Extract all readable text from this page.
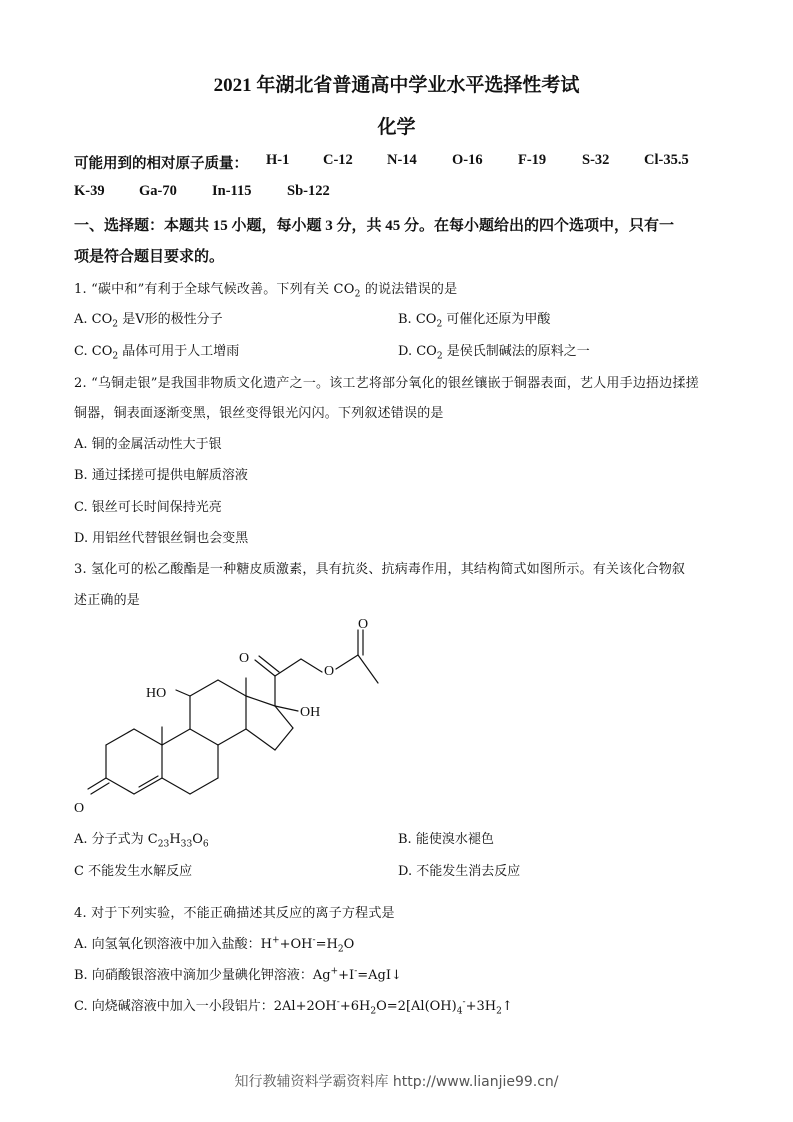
2021 年湖北省普通高中学业水平选择性考试
化学
可能用到的相对原子质量： H-1 C-12 N-14 O-16 F-19 S-32 Cl-35.5
K-39 Ga-70 In-115 Sb-122
一、选择题：本题共 15 小题，每小题 3 分，共 45 分。在每小题给出的四个选项中，只有一
项是符合题目要求的。
1. “碳中和”有利于全球气候改善。下列有关 $CO_2$ 的说法错误的是
A. $CO_2$ 是Ⅴ形的极性分子	B. $CO_2$ 可催化还原为甲酸
C. $CO_2$ 晶体可用于人工增雨	D. $CO_2$ 是侯氏制碱法的原料之一
2. “乌铜走银”是我国非物质文化遗产之一。该工艺将部分氧化的银丝镶嵌于铜器表面，艺人用手边捂边揉搓
铜器，铜表面逐渐变黑，银丝变得银光闪闪。下列叙述错误的是
A. 铜的金属活动性大于银
B. 通过揉搓可提供电解质溶液
C. 银丝可长时间保持光亮
D. 用铝丝代替银丝铜也会变黑
3. 氢化可的松乙酸酯是一种糖皮质激素，具有抗炎、抗病毒作用，其结构简式如图所示。有关该化合物叙
述正确的是
O
O
O
HO
OH
O
A. 分子式为 $C_{23}H_{33}O_6$	B. 能使溴水褪色
C 不能发生水解反应	D. 不能发生消去反应
4. 对于下列实验，不能正确描述其反应的离子方程式是
A. 向氢氧化钡溶液中加入盐酸：$H^++OH^-=H_2O$
B. 向硝酸银溶液中滴加少量碘化钾溶液：Ag++I-=AgI↓
C. 向烧碱溶液中加入一小段铝片：$2Al+2OH^-+6H_2O=2[Al(OH)_4^-+3H_2↑$
知行教辅资料学霸资料库 http://www.lianjie99.cn/
